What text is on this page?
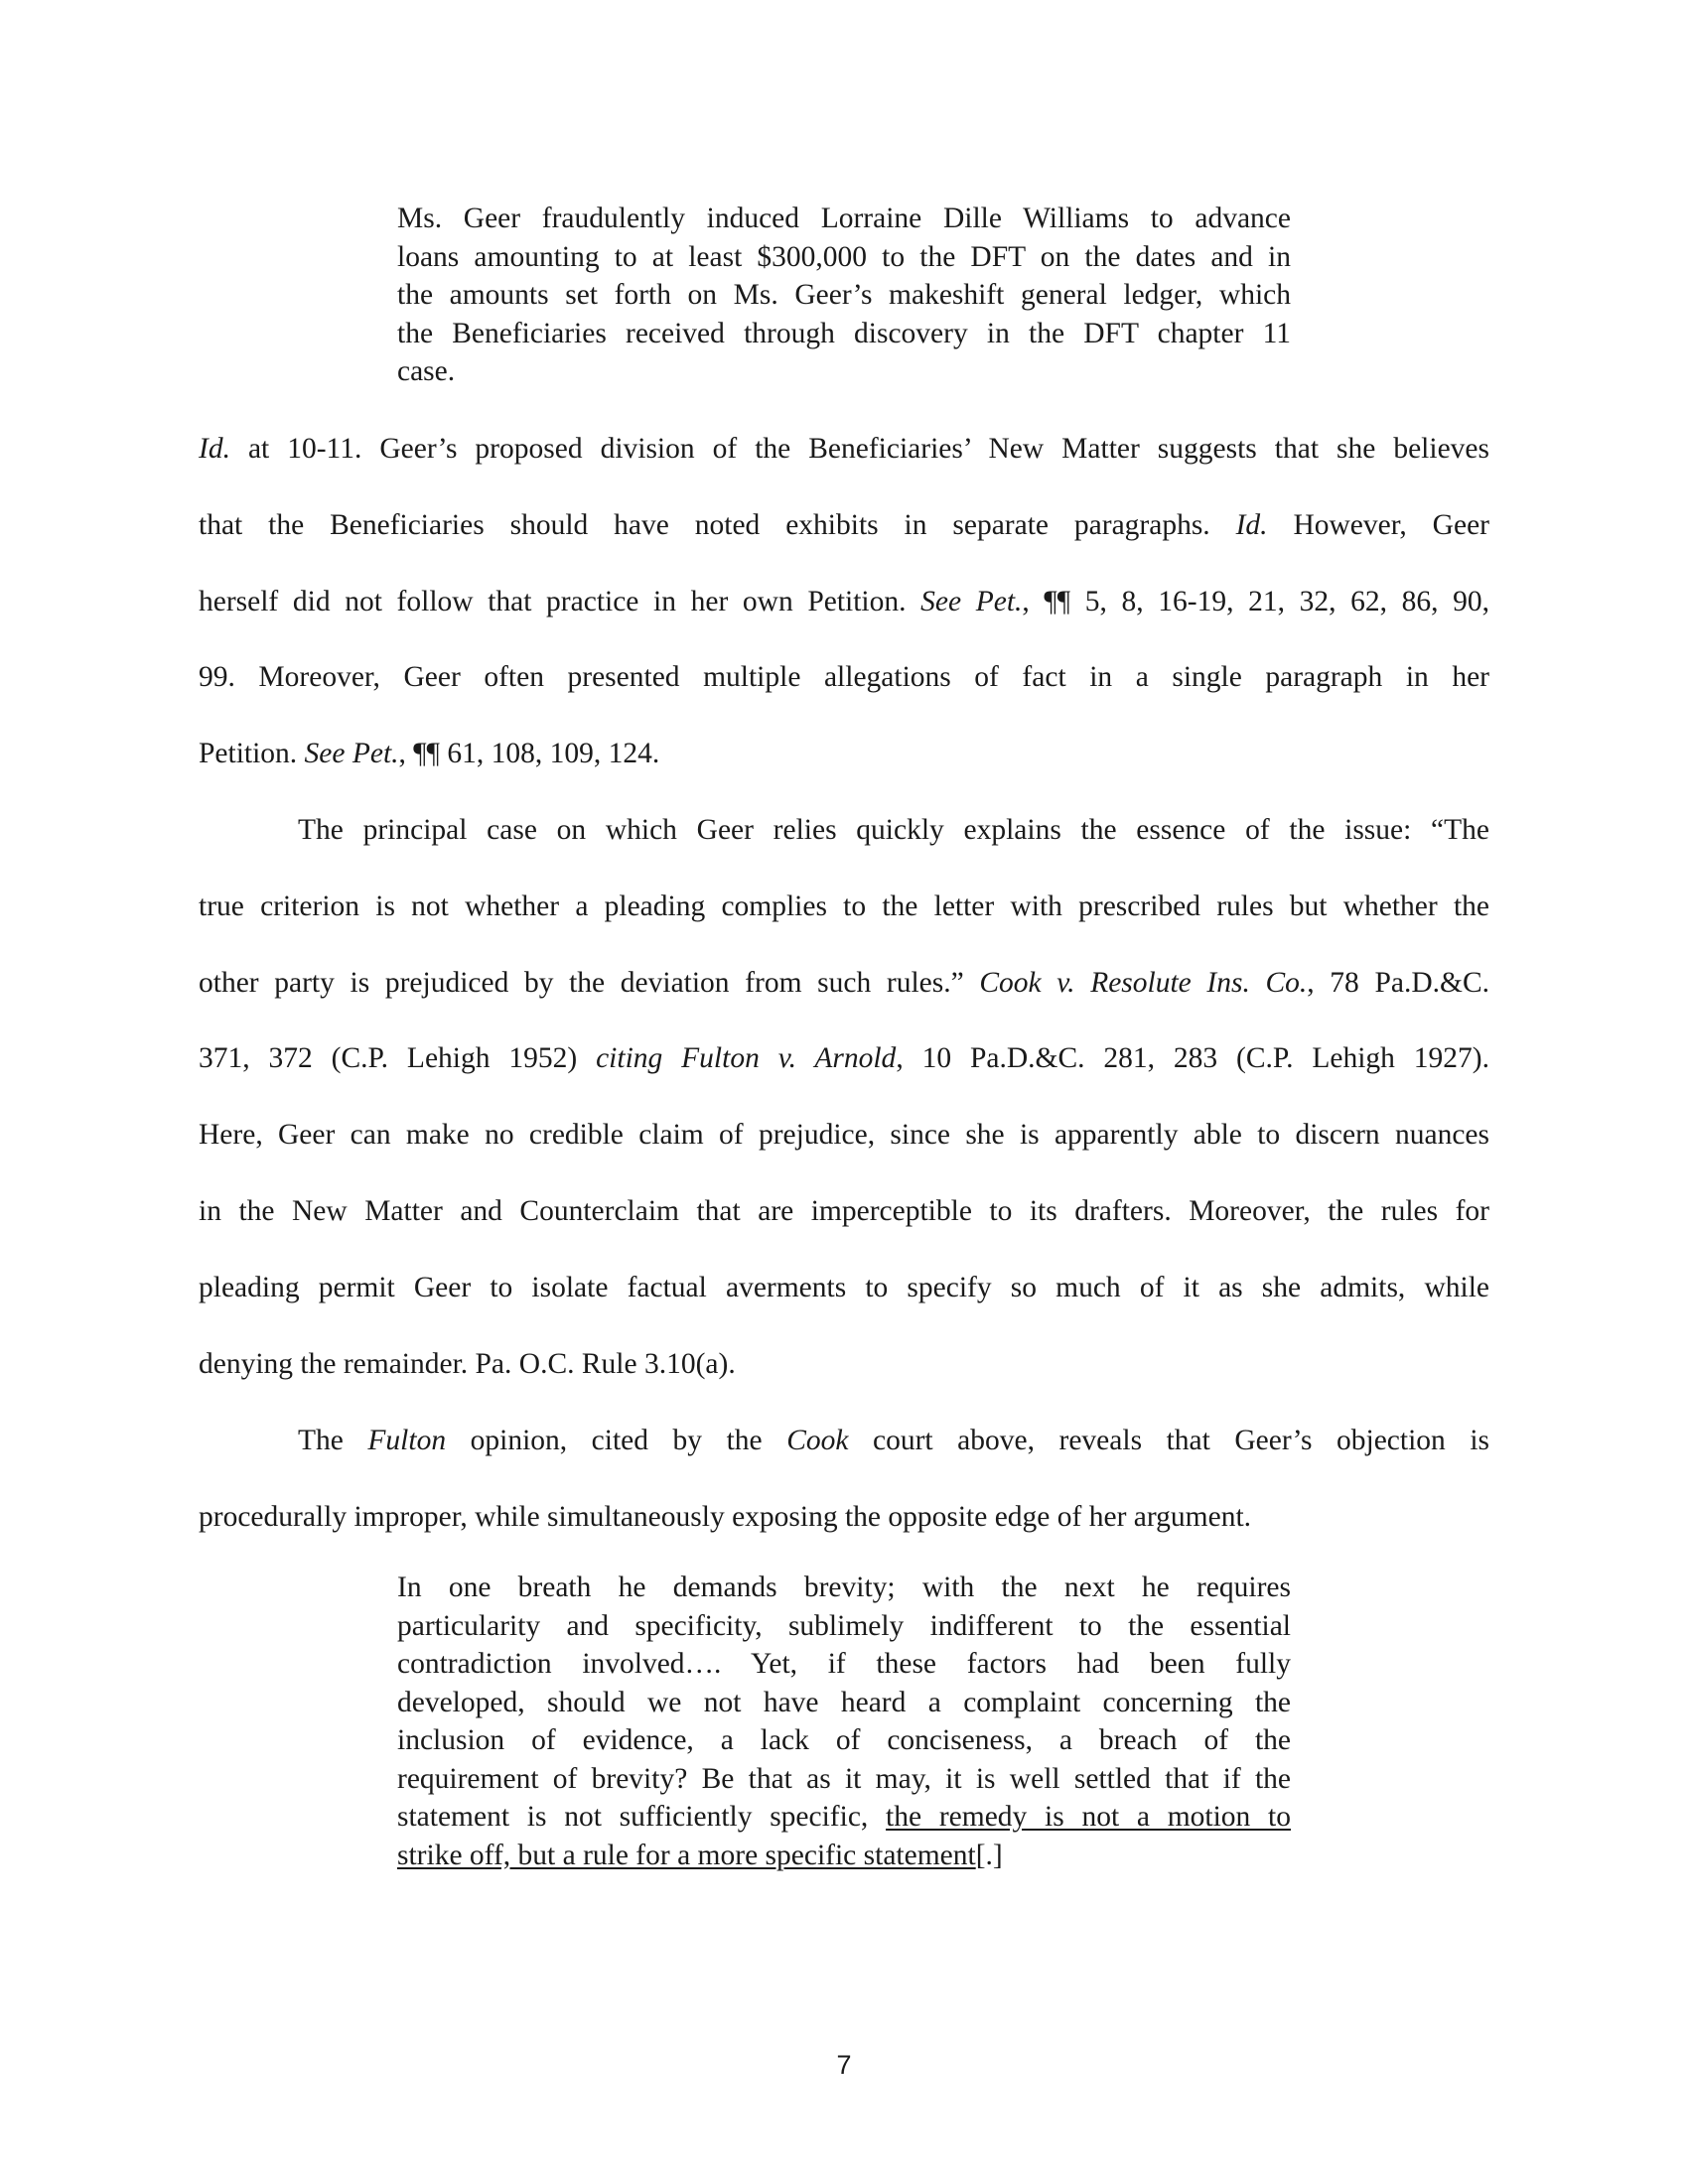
Ms. Geer fraudulently induced Lorraine Dille Williams to advance
loans amounting to at least $300,000 to the DFT on the dates and in
the amounts set forth on Ms. Geer’s makeshift general ledger, which
the Beneficiaries received through discovery in the DFT chapter 11
case.
Id. at 10-11. Geer’s proposed division of the Beneficiaries’ New Matter suggests that she believes
that the Beneficiaries should have noted exhibits in separate paragraphs. Id. However, Geer
herself did not follow that practice in her own Petition. See Pet., ¶¶ 5, 8, 16-19, 21, 32, 62, 86, 90,
99. Moreover, Geer often presented multiple allegations of fact in a single paragraph in her
Petition. See Pet., ¶¶ 61, 108, 109, 124.
The principal case on which Geer relies quickly explains the essence of the issue: “The
true criterion is not whether a pleading complies to the letter with prescribed rules but whether the
other party is prejudiced by the deviation from such rules.” Cook v. Resolute Ins. Co., 78 Pa.D.&C.
371, 372 (C.P. Lehigh 1952) citing Fulton v. Arnold, 10 Pa.D.&C. 281, 283 (C.P. Lehigh 1927).
Here, Geer can make no credible claim of prejudice, since she is apparently able to discern nuances
in the New Matter and Counterclaim that are imperceptible to its drafters. Moreover, the rules for
pleading permit Geer to isolate factual averments to specify so much of it as she admits, while
denying the remainder. Pa. O.C. Rule 3.10(a).
The Fulton opinion, cited by the Cook court above, reveals that Geer’s objection is
procedurally improper, while simultaneously exposing the opposite edge of her argument.
In one breath he demands brevity; with the next he requires
particularity and specificity, sublimely indifferent to the essential
contradiction involved…. Yet, if these factors had been fully
developed, should we not have heard a complaint concerning the
inclusion of evidence, a lack of conciseness, a breach of the
requirement of brevity? Be that as it may, it is well settled that if the
statement is not sufficiently specific, the remedy is not a motion to
strike off, but a rule for a more specific statement[.]
7
